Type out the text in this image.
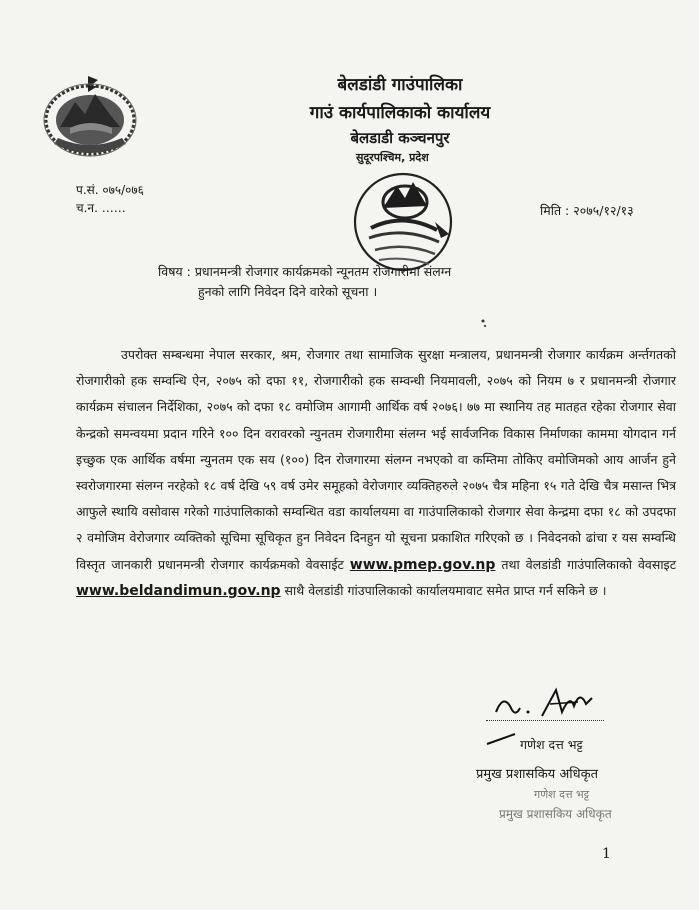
बेलडांडी गाउंपालिका
गाउं कार्यपालिकाको कार्यालय
बेलडाडी कञ्चनपुर
सुदूरपश्चिम, प्रदेश
प.सं. ०७५/०७६
च.न. ……	मिति : २०७५/१२/१३
विषय : प्रधानमन्त्री रोजगार कार्यक्रमको न्यूनतम रोजगारीमा संलग्न
हुनको लागि निवेदन दिने वारेको सूचना ।

उपरोक्त सम्बन्धमा नेपाल सरकार, श्रम, रोजगार तथा सामाजिक सुरक्षा मन्त्रालय, प्रधानमन्त्री रोजगार कार्यक्रम अर्न्तगतको रोजगारीको हक सम्वन्धि ऐन, २०७५ को दफा ११, रोजगारीको हक सम्वन्धी नियमावली, २०७५ को नियम ७ र प्रधानमन्त्री रोजगार कार्यक्रम संचालन निर्देशिका, २०७५ को दफा १८ वमोजिम आगामी आर्थिक वर्ष २०७६। ७७ मा स्थानिय तह मातहत रहेका रोजगार सेवा केन्द्रको समन्वयमा प्रदान गरिने १०० दिन वरावरको न्युनतम रोजगारीमा संलग्न भई सार्वजनिक विकास निर्माणका काममा योगदान गर्न इच्छुक एक आर्थिक वर्षमा न्युनतम एक सय (१००) दिन रोजगारमा संलग्न नभएको वा कम्तिमा तोकिए वमोजिमको आय आर्जन हुने स्वरोजगारमा संलग्न नरहेको १८ वर्ष देखि ५९ वर्ष उमेर समूहको वेरोजगार व्यक्तिहरुले २०७५ चैत्र महिना १५ गते देखि चैत्र मसान्त भित्र आफुले स्थायि वसोवास गरेको गाउंपालिकाको सम्वन्धित वडा कार्यालयमा वा गाउंपालिकाको रोजगार सेवा केन्द्रमा दफा १८ को उपदफा २ वमोजिम वेरोजगार व्यक्तिको सूचिमा सूचिकृत हुन निवेदन दिनहुन यो सूचना प्रकाशित गरिएको छ । निवेदनको ढांचा र यस सम्वन्धि विस्तृत जानकारी प्रधानमन्त्री रोजगार कार्यक्रमको वेवसाईट www.pmep.gov.np तथा वेलडांडी गाउंपालिकाको वेवसाइट www.beldandimun.gov.np साथै वेलडांडी गांउपालिकाको कार्यालयमावाट समेत प्राप्त गर्न सकिने छ ।

गणेश दत्त भट्ट
प्रमुख प्रशासकिय अधिकृत
गणेश दत्त भट्ट
प्रमुख प्रशासकिय अधिकृत
1
